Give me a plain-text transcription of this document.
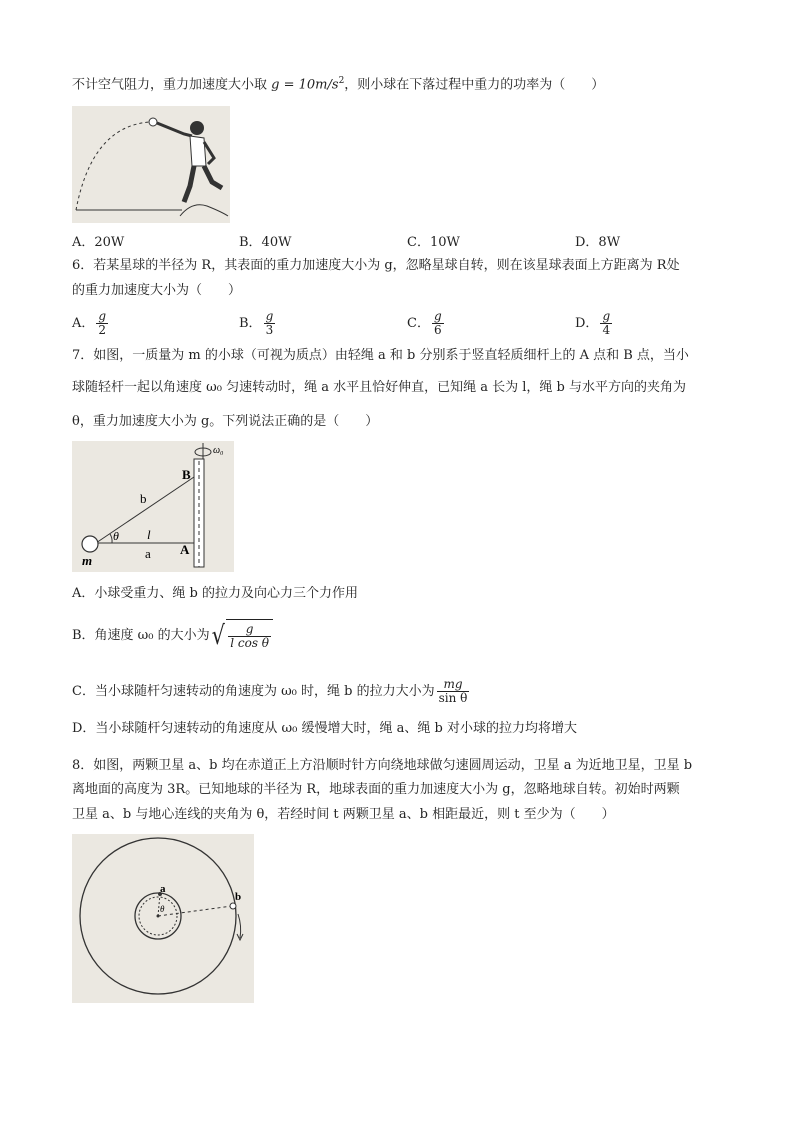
不计空气阻力，重力加速度大小取 $g = 10m/s^2$，则小球在下落过程中重力的功率为（　　）
A．20W	B．40W	C．10W	D．8W
6．若某星球的半径为 R，其表面的重力加速度大小为 g，忽略星球自转，则在该星球表面上方距离为 R处
的重力加速度大小为（　　）
A． $\frac{g}{2}$	B． $\frac{g}{3}$	C． $\frac{g}{6}$	D． $\frac{g}{4}$
7．如图，一质量为 m 的小球（可视为质点）由轻绳 a 和 b 分别系于竖直轻质细杆上的 A 点和 B 点，当小
球随轻杆一起以角速度 ω₀ 匀速转动时，绳 a 水平且恰好伸直，已知绳 a 长为 l，绳 b 与水平方向的夹角为
θ，重力加速度大小为 g。下列说法正确的是（　　）
ω₀
B
b
θ l
a A
m
A．小球受重力、绳 b 的拉力及向心力三个力作用
B．角速度 ω₀ 的大小为 √ $\frac{g}{\text{l cos θ}}$
C．当小球随杆匀速转动的角速度为 ω₀ 时，绳 b 的拉力大小为 $\frac{mg}{\text{sin θ}}$
D．当小球随杆匀速转动的角速度从 ω₀ 缓慢增大时，绳 a、绳 b 对小球的拉力均将增大
8．如图，两颗卫星 a、b 均在赤道正上方沿顺时针方向绕地球做匀速圆周运动，卫星 a 为近地卫星，卫星 b
离地面的高度为 3R。已知地球的半径为 R，地球表面的重力加速度大小为 g，忽略地球自转。初始时两颗
卫星 a、b 与地心连线的夹角为 θ，若经时间 t 两颗卫星 a、b 相距最近，则 t 至少为（　　）
a
b
θ
